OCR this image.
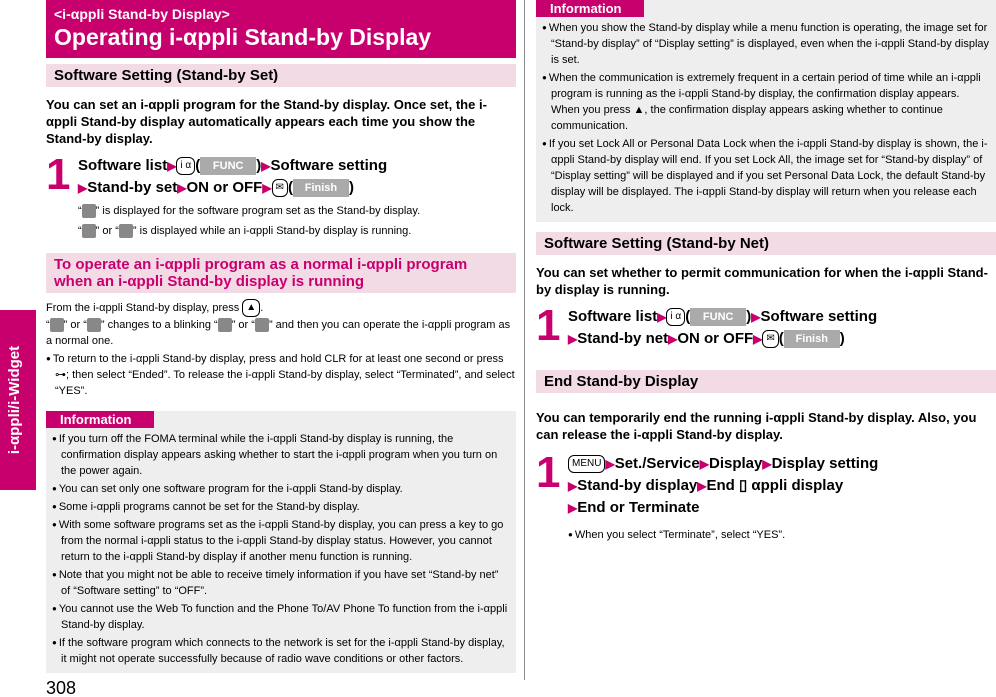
i-αppli/i-Widget
<i-αppli Stand-by Display>
Operating i-αppli Stand-by Display
Software Setting (Stand-by Set)
You can set an i-αppli program for the Stand-by display. Once set, the i-αppli Stand-by display automatically appears each time you show the Stand-by display.
1 Software list▶ i α ( FUNC )▶Software setting
▶Stand-by set▶ON or OFF▶ ✉ ( Finish )
“ ” is displayed for the software program set as the Stand-by display.
“ ” or “ ” is displayed while an i-αppli Stand-by display is running.
To operate an i-αppli program as a normal i-αppli program when an i-αppli Stand-by display is running
From the i-αppli Stand-by display, press ▲ .
“ ” or “ ” changes to a blinking “ ” or “ ” and then you can operate the i-αppli program as a normal one.
● To return to the i-αppli Stand-by display, press and hold CLR for at least one second or press ⊶; then select “Ended”. To release the i-αppli Stand-by display, select “Terminated”, and select “YES”.
Information
● If you turn off the FOMA terminal while the i-αppli Stand-by display is running, the confirmation display appears asking whether to start the i-αppli program when you turn on the power again.
● You can set only one software program for the i-αppli Stand-by display.
● Some i-αppli programs cannot be set for the Stand-by display.
● With some software programs set as the i-αppli Stand-by display, you can press a key to go from the normal i-αppli status to the i-αppli Stand-by display status. However, you cannot return to the i-αppli Stand-by display if another menu function is running.
● Note that you might not be able to receive timely information if you have set “Stand-by net” of “Software setting” to “OFF”.
● You cannot use the Web To function and the Phone To/AV Phone To function from the i-αppli Stand-by display.
● If the software program which connects to the network is set for the i-αppli Stand-by display, it might not operate successfully because of radio wave conditions or other factors.
Information
● When you show the Stand-by display while a menu function is operating, the image set for “Stand-by display” of “Display setting” is displayed, even when the i-αppli Stand-by display is set.
● When the communication is extremely frequent in a certain period of time while an i-αppli program is running as the i-αppli Stand-by display, the confirmation display appears. When you press ▲, the confirmation display appears asking whether to continue communication.
● If you set Lock All or Personal Data Lock when the i-αppli Stand-by display is shown, the i-αppli Stand-by display will end. If you set Lock All, the image set for “Stand-by display” of “Display setting” will be displayed and if you set Personal Data Lock, the default Stand-by display will be displayed. The i-αppli Stand-by display will return when you release each lock.
Software Setting (Stand-by Net)
You can set whether to permit communication for when the i-αppli Stand-by display is running.
1 Software list▶ i α ( FUNC )▶Software setting
▶Stand-by net▶ON or OFF▶ ✉ ( Finish )
End Stand-by Display
You can temporarily end the running i-αppli Stand-by display. Also, you can release the i-αppli Stand-by display.
1	MENU ▶Set./Service▶Display▶Display setting
▶Stand-by display▶End ▯ αppli display
▶End or Terminate
● When you select “Terminate”, select “YES”.
308
